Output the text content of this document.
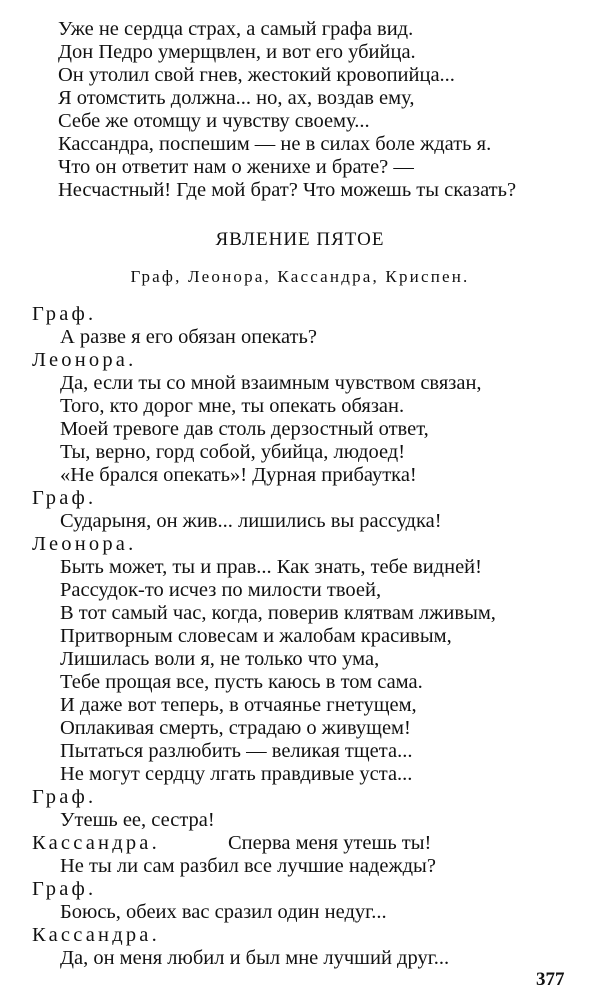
Уже не сердца страх, а самый графа вид.
Дон Педро умерщвлен, и вот его убийца.
Он утолил свой гнев, жестокий кровопийца...
Я отомстить должна... но, ах, воздав ему,
Себе же отомщу и чувству своему...
Кассандра, поспешим — не в силах боле ждать я.
Что он ответит нам о женихе и брате? —
Несчастный! Где мой брат? Что можешь ты сказать?
ЯВЛЕНИЕ ПЯТОЕ
Граф, Леонора, Кассандра, Криспен.
Граф.
А разве я его обязан опекать?
Леонора.
Да, если ты со мной взаимным чувством связан,
Того, кто дорог мне, ты опекать обязан.
Моей тревоге дав столь дерзостный ответ,
Ты, верно, горд собой, убийца, людоед!
«Не брался опекать»! Дурная прибаутка!
Граф.
Сударыня, он жив... лишились вы рассудка!
Леонора.
Быть может, ты и прав... Как знать, тебе видней!
Рассудок-то исчез по милости твоей,
В тот самый час, когда, поверив клятвам лживым,
Притворным словесам и жалобам красивым,
Лишилась воли я, не только что ума,
Тебе прощая все, пусть каюсь в том сама.
И даже вот теперь, в отчаянье гнетущем,
Оплакивая смерть, страдаю о живущем!
Пытаться разлюбить — великая тщета...
Не могут сердцу лгать правдивые уста...
Граф.
Утешь ее, сестра!
Кассандра.	Сперва меня утешь ты!
Не ты ли сам разбил все лучшие надежды?
Граф.
Боюсь, обеих вас сразил один недуг...
Кассандра.
Да, он меня любил и был мне лучший друг...
377
